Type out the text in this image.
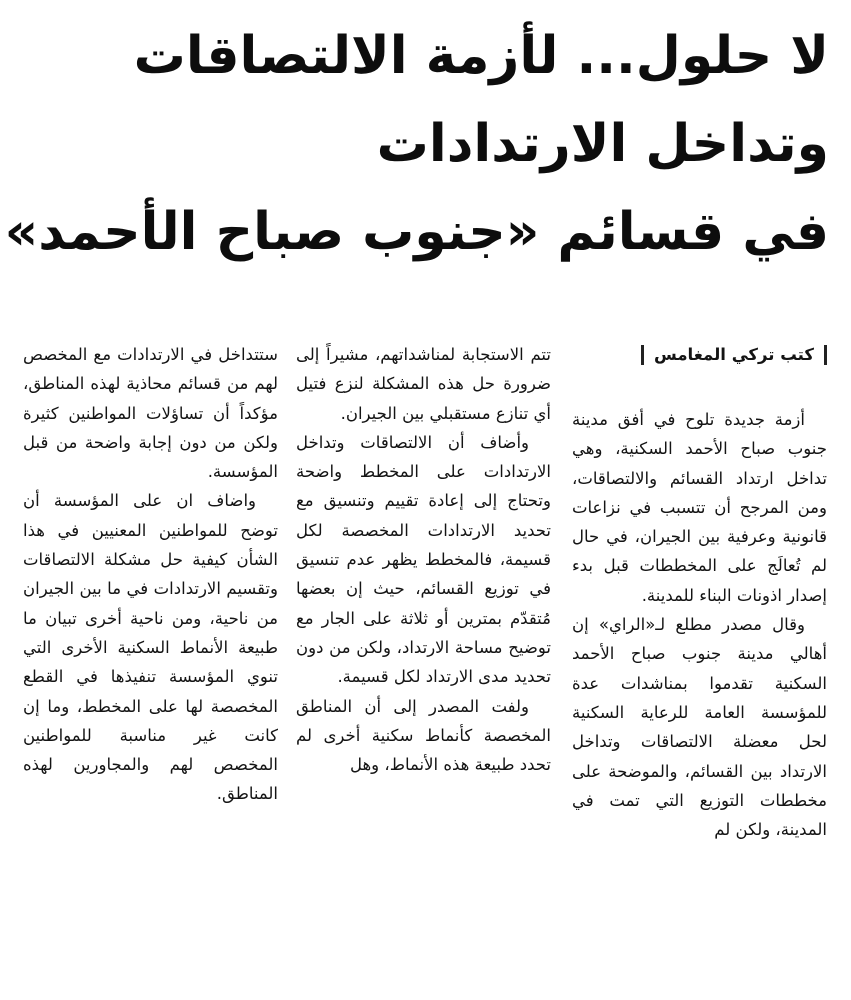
لا حلول... لأزمة الالتصاقات
وتداخل الارتدادات
في قسائم «جنوب صباح الأحمد»
كتب تركي المغامس

أزمة جديدة تلوح في أفق مدينة جنوب صباح الأحمد السكنية، وهي تداخل ارتداد القسائم والالتصاقات، ومن المرجح أن تتسبب في نزاعات قانونية وعرفية بين الجيران، في حال لم تُعالَج على المخططات قبل بدء إصدار اذونات البناء للمدينة.

وقال مصدر مطلع لـ«الراي» إن أهالي مدينة جنوب صباح الأحمد السكنية تقدموا بمناشدات عدة للمؤسسة العامة للرعاية السكنية لحل معضلة الالتصاقات وتداخل الارتداد بين القسائم، والموضحة على مخططات التوزيع التي تمت في المدينة، ولكن لم

تتم الاستجابة لمناشداتهم، مشيراً إلى ضرورة حل هذه المشكلة لنزع فتيل أي تنازع مستقبلي بين الجيران.

وأضاف أن الالتصاقات وتداخل الارتدادات على المخطط واضحة وتحتاج إلى إعادة تقييم وتنسيق مع تحديد الارتدادات المخصصة لكل قسيمة، فالمخطط يظهر عدم تنسيق في توزيع القسائم، حيث إن بعضها مُتقدّم بمترين أو ثلاثة على الجار مع توضيح مساحة الارتداد، ولكن من دون تحديد مدى الارتداد لكل قسيمة.

ولفت المصدر إلى أن المناطق المخصصة كأنماط سكنية أخرى لم تحدد طبيعة هذه الأنماط، وهل

ستتداخل في الارتدادات مع المخصص لهم من قسائم محاذية لهذه المناطق، مؤكداً أن تساؤلات المواطنين كثيرة ولكن من دون إجابة واضحة من قبل المؤسسة.

واضاف ان على المؤسسة أن توضح للمواطنين المعنيين في هذا الشأن كيفية حل مشكلة الالتصاقات وتقسيم الارتدادات في ما بين الجيران من ناحية، ومن ناحية أخرى تبيان ما طبيعة الأنماط السكنية الأخرى التي تنوي المؤسسة تنفيذها في القطع المخصصة لها على المخطط، وما إن كانت غير مناسبة للمواطنين المخصص لهم والمجاورين لهذه المناطق.
